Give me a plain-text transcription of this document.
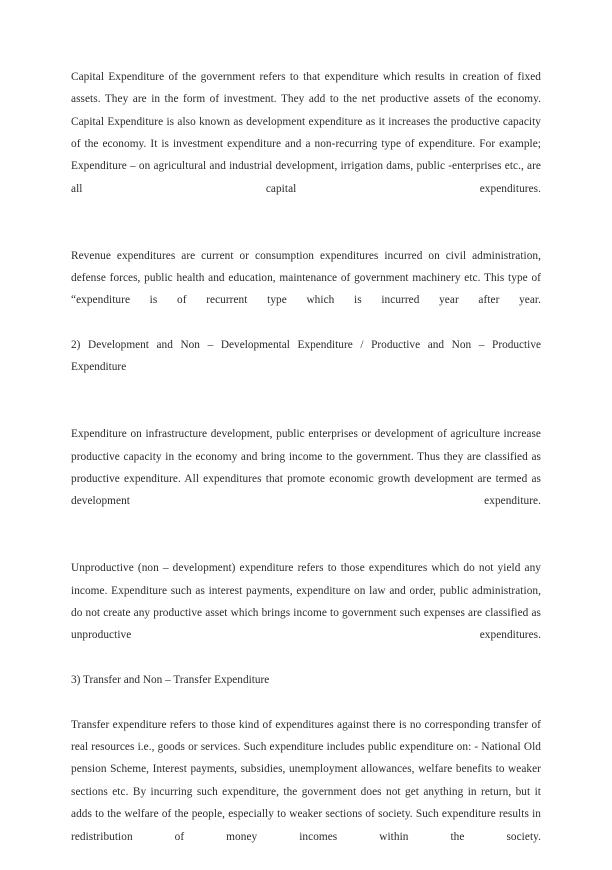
Capital Expenditure of the government refers to that expenditure which results in creation of fixed assets. They are in the form of investment. They add to the net productive assets of the economy. Capital Expenditure is also known as development expenditure as it increases the productive capacity of the economy. It is investment expenditure and a non-recurring type of expenditure. For example; Expenditure – on agricultural and industrial development, irrigation dams, public -enterprises etc., are all capital expenditures.

Revenue expenditures are current or consumption expenditures incurred on civil administration, defense forces, public health and education, maintenance of government machinery etc. This type of “expenditure is of recurrent type which is incurred year after year.

2) Development and Non – Developmental Expenditure / Productive and Non – Productive Expenditure

Expenditure on infrastructure development, public enterprises or development of agriculture increase productive capacity in the economy and bring income to the government. Thus they are classified as productive expenditure. All expenditures that promote economic growth development are termed as development expenditure.

Unproductive (non – development) expenditure refers to those expenditures which do not yield any income. Expenditure such as interest payments, expenditure on law and order, public administration, do not create any productive asset which brings income to government such expenses are classified as unproductive expenditures.

3) Transfer and Non – Transfer Expenditure

Transfer expenditure refers to those kind of expenditures against there is no corresponding transfer of real resources i.e., goods or services. Such expenditure includes public expenditure on: - National Old pension Scheme, Interest payments, subsidies, unemployment allowances, welfare benefits to weaker sections etc. By incurring such expenditure, the government does not get anything in return, but it adds to the welfare of the people, especially to weaker sections of society. Such expenditure results in redistribution of money incomes within the society.
